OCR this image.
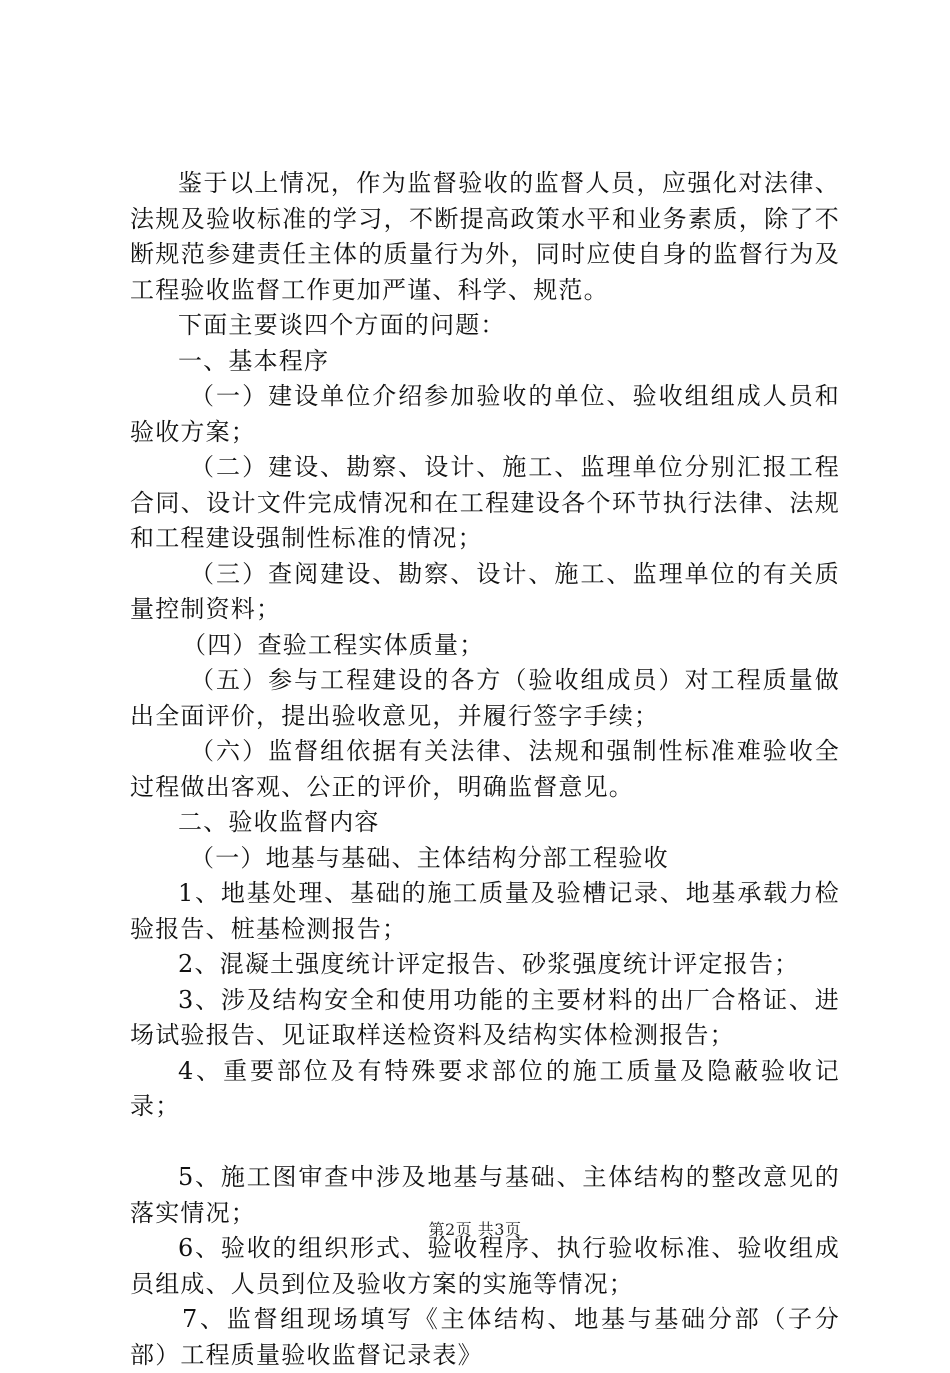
鉴于以上情况，作为监督验收的监督人员，应强化对法律、法规及验收标准的学习，不断提高政策水平和业务素质，除了不断规范参建责任主体的质量行为外，同时应使自身的监督行为及工程验收监督工作更加严谨、科学、规范。

下面主要谈四个方面的问题：

一、基本程序

（一）建设单位介绍参加验收的单位、验收组组成人员和验收方案；

（二）建设、勘察、设计、施工、监理单位分别汇报工程合同、设计文件完成情况和在工程建设各个环节执行法律、法规和工程建设强制性标准的情况；

（三）查阅建设、勘察、设计、施工、监理单位的有关质量控制资料；

（四）查验工程实体质量；

（五）参与工程建设的各方（验收组成员）对工程质量做出全面评价，提出验收意见，并履行签字手续；

（六）监督组依据有关法律、法规和强制性标准难验收全过程做出客观、公正的评价，明确监督意见。

二、验收监督内容

（一）地基与基础、主体结构分部工程验收

1、地基处理、基础的施工质量及验槽记录、地基承载力检验报告、桩基检测报告；

2、混凝土强度统计评定报告、砂浆强度统计评定报告；

3、涉及结构安全和使用功能的主要材料的出厂合格证、进场试验报告、见证取样送检资料及结构实体检测报告；

4、重要部位及有特殊要求部位的施工质量及隐蔽验收记录；

5、施工图审查中涉及地基与基础、主体结构的整改意见的落实情况；

6、验收的组织形式、验收程序、执行验收标准、验收组成员组成、人员到位及验收方案的实施等情况；

7、监督组现场填写《主体结构、地基与基础分部（子分部）工程质量验收监督记录表》

第2页 共3页
